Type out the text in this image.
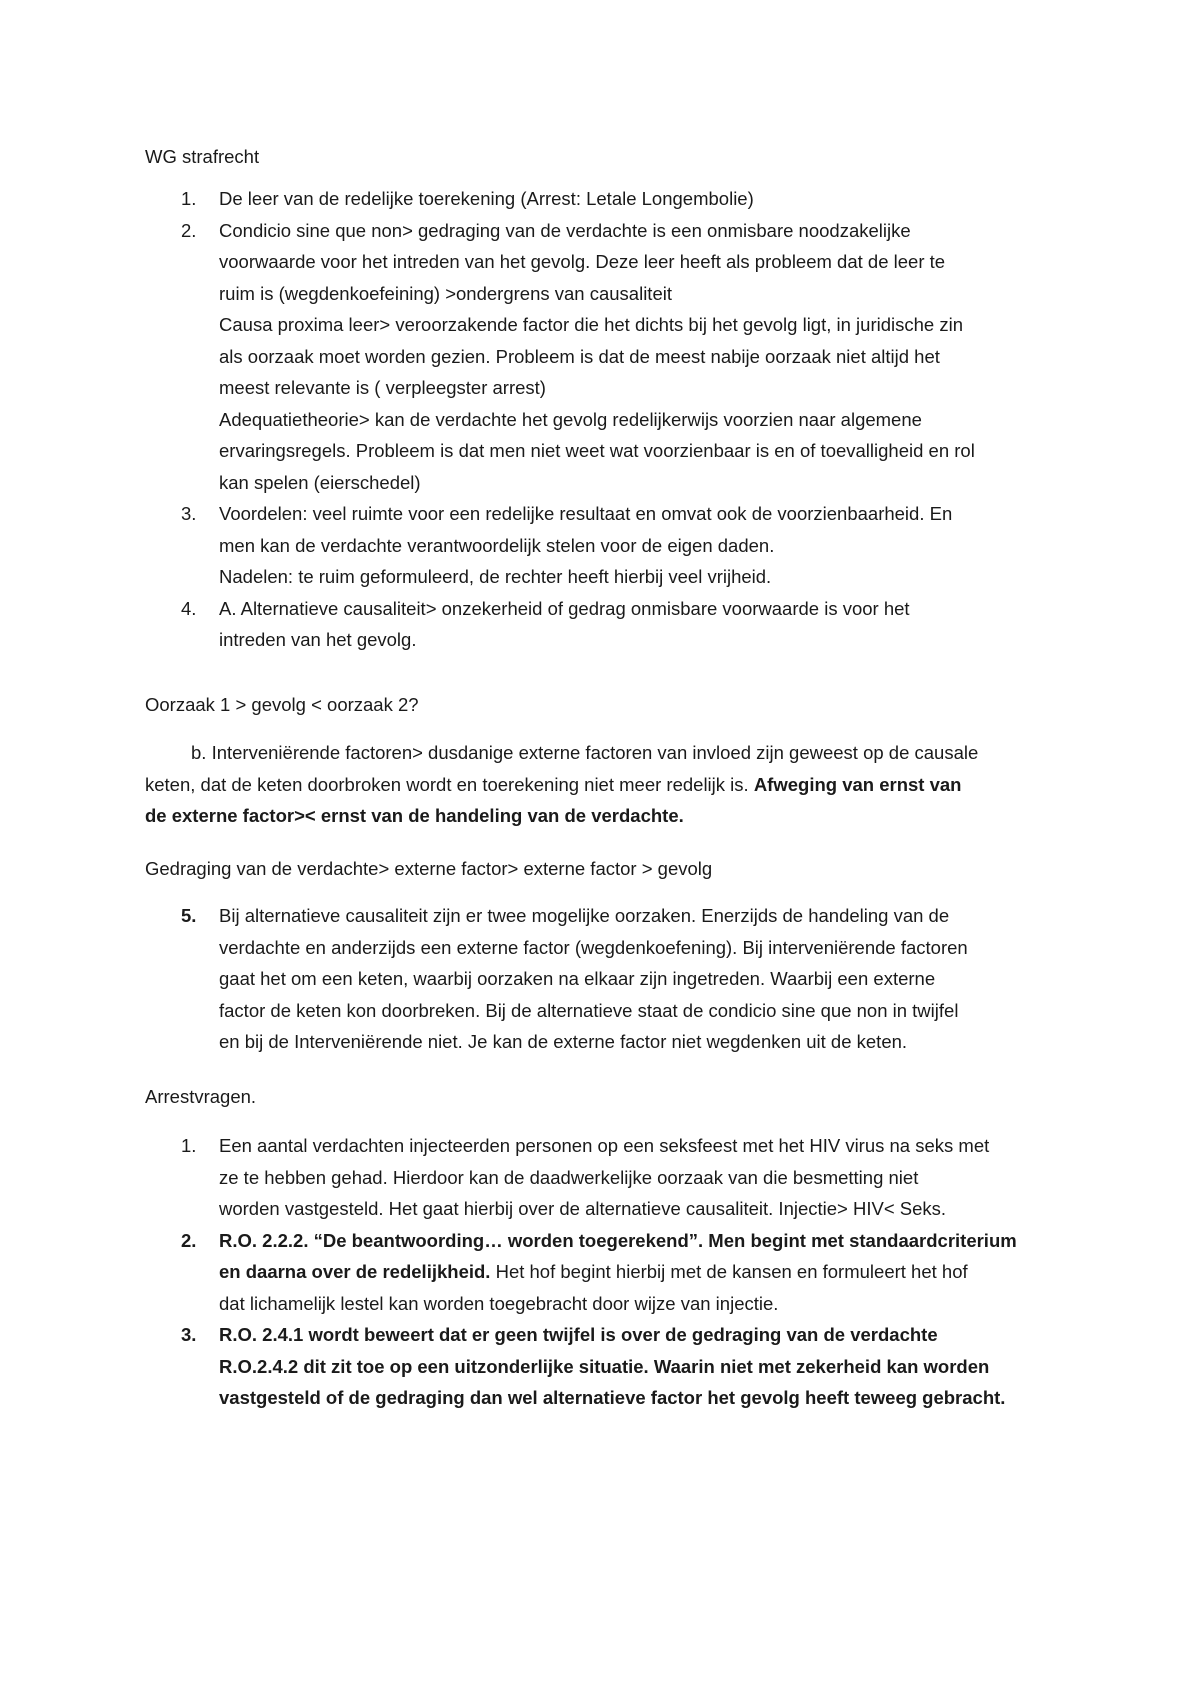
WG strafrecht
1. De leer van de redelijke toerekening (Arrest: Letale Longembolie)
2. Condicio sine que non> gedraging van de verdachte is een onmisbare noodzakelijke
voorwaarde voor het intreden van het gevolg. Deze leer heeft als probleem dat de leer te
ruim is (wegdenkoefeining) >ondergrens van causaliteit
Causa proxima leer> veroorzakende factor die het dichts bij het gevolg ligt, in juridische zin
als oorzaak moet worden gezien. Probleem is dat de meest nabije oorzaak niet altijd het
meest relevante is ( verpleegster arrest)
Adequatietheorie> kan de verdachte het gevolg redelijkerwijs voorzien naar algemene
ervaringsregels. Probleem is dat men niet weet wat voorzienbaar is en of toevalligheid en rol
kan spelen (eierschedel)
3. Voordelen: veel ruimte voor een redelijke resultaat en omvat ook de voorzienbaarheid. En
men kan de verdachte verantwoordelijk stelen voor de eigen daden.
Nadelen: te ruim geformuleerd, de rechter heeft hierbij veel vrijheid.
4. A. Alternatieve causaliteit> onzekerheid of gedrag onmisbare voorwaarde is voor het
intreden van het gevolg.

Oorzaak 1 > gevolg < oorzaak 2?

b. Interveniërende factoren> dusdanige externe factoren van invloed zijn geweest op de causale
keten, dat de keten doorbroken wordt en toerekening niet meer redelijk is. Afweging van ernst van
de externe factor>< ernst van de handeling van de verdachte.

Gedraging van de verdachte> externe factor> externe factor > gevolg

5. Bij alternatieve causaliteit zijn er twee mogelijke oorzaken. Enerzijds de handeling van de
verdachte en anderzijds een externe factor (wegdenkoefening). Bij interveniërende factoren
gaat het om een keten, waarbij oorzaken na elkaar zijn ingetreden. Waarbij een externe
factor de keten kon doorbreken. Bij de alternatieve staat de condicio sine que non in twijfel
en bij de Interveniërende niet. Je kan de externe factor niet wegdenken uit de keten.

Arrestvragen.

1. Een aantal verdachten injecteerden personen op een seksfeest met het HIV virus na seks met
ze te hebben gehad. Hierdoor kan de daadwerkelijke oorzaak van die besmetting niet
worden vastgesteld. Het gaat hierbij over de alternatieve causaliteit. Injectie> HIV< Seks.
2. R.O. 2.2.2. “De beantwoording… worden toegerekend”. Men begint met standaardcriterium
en daarna over de redelijkheid. Het hof begint hierbij met de kansen en formuleert het hof
dat lichamelijk lestel kan worden toegebracht door wijze van injectie.
3. R.O. 2.4.1 wordt beweert dat er geen twijfel is over de gedraging van de verdachte
R.O.2.4.2 dit zit toe op een uitzonderlijke situatie. Waarin niet met zekerheid kan worden
vastgesteld of de gedraging dan wel alternatieve factor het gevolg heeft teweeg gebracht.
